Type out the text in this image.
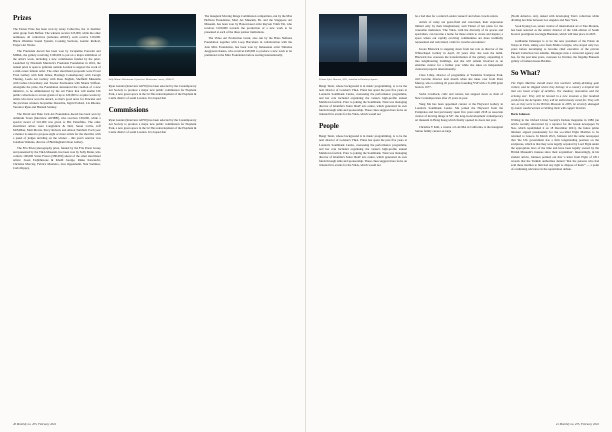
Prizes

The Turner Prize has been won by Array Collective, the 11 member artist group from Belfast. The winners receive £25,000, while the other nominees, all collectives (Arbonne AWAY), each receive £10,000. Black Obsidian Sound System, Cooking Sections, Gentle/ Radical, Project Art Works.

The Freelands Award has been won by Jacqueline Poncelet and MIMA, the gallery receiving £100,000 to put on a major exhibition of the artist's work, including a new commission funded by the prize. Launched by Elisabeth Murdoch's Freelands Foundation in 2016, the annual prize is open to galleries outside London to support the work of a mid-career female artist. The other shortlisted proposals were Evoul Frost Gallery with Kim James, Hastings Contemporary with Caragh Thuring, Leeds Art Gallery with Rose English, Sheffield Museums with Lubna Chowdhary and Towner Eastbourne with Shanta Stiffson. Alongside the prize, the Foundation announced the creation of a new initiative, to be administered by the Art Fund, that will enable UK public collections to access grants of up to £20,000 to acquire works by artists who have won the Award, so that's good news for Poncelet and the previous winners Jacqueline Donachie, Ingrid Pollard, Lis Rhodes, Veronica Ryan and Hannah Starkey.

The David and Yuko Jack Art Foundation Award has been won by Amitrum Toren (Interview AWIBB), who receives £30,000, while a special award of £10,000 was given to Bix Palanfimo. The other shortlisted artists were Langfanick & Dell, Susan Collis, Jeff McMillan, Mali Morris, Percy Roberts and Alison Turnbull. Each year a mentor is asked to propose eight or more artists for the shortlist, with a panel of judges deciding on the winner – this year's selector was Jonathan Watkins, director of Birmingham's Ikon Gallery.

The Fria Priest photography prize, funded by the Fria Priest Group and presented by the V&A Museum, has been won by Sally Mann, who collects 100,000 Swiss Francs (£80,000) ahead of the other shortlisted artists: Joaan Eadjöhnsone & Khalil Joreige, Rinko Kawauchi, Christina Marclay, Fabrice Monteiro, Lisa Oppenheim, Nek Sominea, Carla Rippey.

Sally Mann's Blackwater 9 from her 'Blackwater' series, 2008-12

Ryan Gander (Interview AW50) has been selected by the Contemporary Art Society to produce a major new public commission for Elephant Park, a new green space in the £2.3bn redevelopment of the Elephant & Castle district of south London. It is hoped that

Commissions

Ryan Gander (Interview AW50) has been selected by the Contemporary Art Society to produce a major new public commission for Elephant Park, a new green space in the £2.3bn redevelopment of the Elephant & Castle district of south London. It is hoped that

The inaugural Moving Image Commission competition, run by the Max Hofbrau Foundation, Mori Art Museum, Bi- and the Singapore Art Museum, has been won by Hanoi-based artist Reyven Trinh Thi, who receives £100,000 towards the production of a new work to be presented at each of the three partner institutions.

The Video Art Production Grant, also run by the Hans Nefkens Foundation together with Loop Barcelona in collaboration with the Joan Mirò Foundation, has been won by Indonesian artist Timotius Anggawan Kusno, who receives €20,000 to produce a new work to be premiered at the Mirò Foundation before touring internationally.

40 Monthly no. 455, February 2022
Liliane Lijn's Onwave, 2021, installed at Deadway Square

Bengt Tanzi, whose background is in music programming, is to be the next director of London's V&A. Planz has spent the past five years at London's Southbank Centre, overseeing the performance programme, and her role included organising the venue's high-profile annual Meltdown festival. Prior to joining the Southbank, Tiani was managing director of Islamfia's Salon IKAV arts centre, which generated its own funds through talks and sponsorship. These clues suggest more focus on ticketed live events for the V&A, which would not

People

Bengt Tanzi, whose background is in music programming, is to be the next director of London's V&A. Planz has spent the past five years at London's Southbank Centre, overseeing the performance programme, and her role included organising the venue's high-profile annual Meltdown festival. Prior to joining the Southbank, Tiani was managing director of Islamfia's Salon IKAV arts centre, which generated its own funds through talks and sponsorship. These clues suggest more focus on ticketed live events for the V&A, which would not

be a bad idea for a central London venue if and when crowds return.

Artists of today are gears-fluid and concerned, their expression limited only by their imaginations; said Tlunai of her plans for the venerable institution. 'The V&A, with the diversity of its spaces and specialists, can become a home for these artists to create and inspire; a space where our rapidly evolving communities are more truthfully represented and welcomed; a hub for creative encounters.'

Iwona Blazwick is stepping down from her role as director of the Whitechapel Gallery in April, 20 years after she took the helm. Blazwick has overseen the transformation of the gallery, expanding it into neighbouring buildings, and she will remain involved as an emeritus curator for a further year while she takes on independent curatorial projects internationally.

Clare Lilley, director of programme at Yorkshire Sculpture Park, will become director next month when she takes over from Peter Murray, who is retiring 45 years after founding YSP with a £1,000 grant back in 1977.

Sacha Craddock, critic and curator, has stepped down as chair of New Contemporaries after 25 years in post.

Yung Ma has been appointed curator at the Hayward Gallery in London's Southbank Centre. Ma joined the Hayward from the Pompidou and had previously spent five years until 2018 as associate curator of moving image at M+, the long-in-development contemporary art museum in Hong Kong which finally opened its doors last year.

Christine Y Kim, a curator at LACMA in California, is the inaugural Sutton family curator-at-large

(North America, Art), tasked with developing Tate's collection while dividing her time between Los Angeles and New York.

Sook Kyung Lee, senior curator of international art at Tate Modern, has been selected as the artistic director of the 14th edition of South Korea's prestigious Gwangju Biennale, which will take place in 2023.

Guillaume Désanges is to be the new president of the Palais de Tokyo in Paris, taking over from Emma Lavigne, who stayed only two years before decamping to become chief executive of the private Pinault Collection last autumn. Désanges runs a curatorial agency and has, for the past nine years, overseen La Verrière, the flagship Brussels gallery of fashion house Hermès.

So What?

The Elgin Marbles should leave this northern whisky-drinking gale culture, and be shipped where they belong: in a country a tropical but that can boast scrape of Achilles, 'the shadowy mountains and the echoing sea'. They will be housed in a new museum a fine hundred yards from the Acropolis. They will be meticulously cared for. They will not, as they were in the British Museum in 2005, be severely damaged by manic washerwomen scrubbing them with copper brushes.

Boris Johnson

Writing in the Oxford Union Society's Debate magazine in 1986 (an article recently uncovered by a reporter for the Greek newspaper Ta Nea, which republished it on 18 December 2021), the future prime minister argued passionately for the so-called Elgin Marbles to be returned to Greece. In March 2021, Johnson told the same newspaper that 'the UK government has a firm longstanding position on the sculptures, which is that they were legally acquired by Lord Elgin under the appropriate laws of the time and have been legally owned by the British Museum's trustees since their acquisition'. Interestingly, in his student article, Johnson pointed out that 'a letter from Elgin of 1811 reveals that the Turkish authorities denied "that the persons who had sold these marbles to him had any right to dispose of them"' — a point of continuing relevance in the repatriation debate.

41 Monthly no. 455, February 2022
